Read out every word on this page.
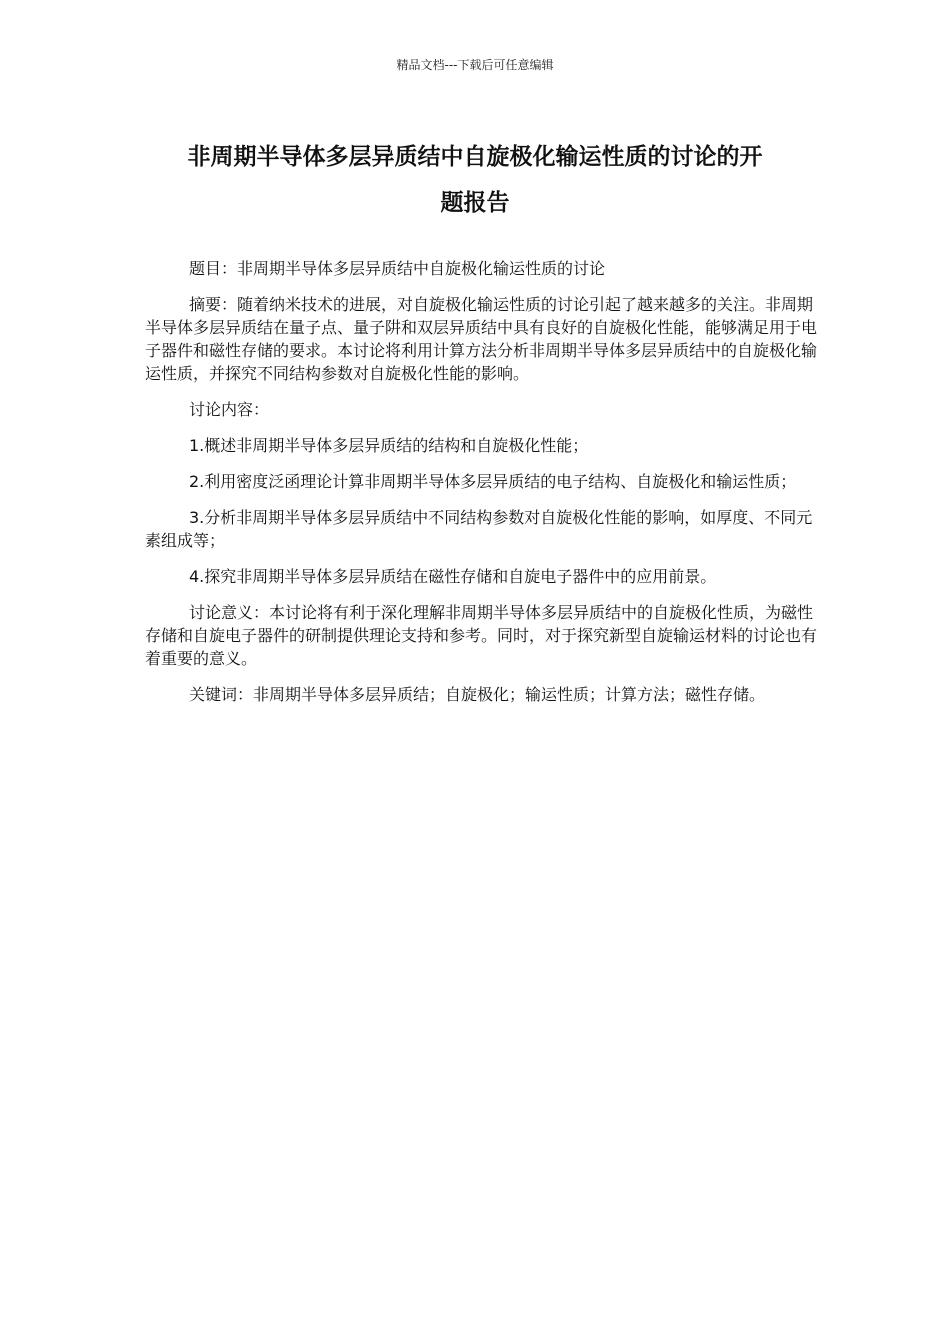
精品文档---下载后可任意编辑
非周期半导体多层异质结中自旋极化输运性质的讨论的开
题报告

题目：非周期半导体多层异质结中自旋极化输运性质的讨论

摘要：随着纳米技术的进展，对自旋极化输运性质的讨论引起了越来越多的关注。非周期半导体多层异质结在量子点、量子阱和双层异质结中具有良好的自旋极化性能，能够满足用于电子器件和磁性存储的要求。本讨论将利用计算方法分析非周期半导体多层异质结中的自旋极化输运性质，并探究不同结构参数对自旋极化性能的影响。

讨论内容：

1.概述非周期半导体多层异质结的结构和自旋极化性能；

2.利用密度泛函理论计算非周期半导体多层异质结的电子结构、自旋极化和输运性质；

3.分析非周期半导体多层异质结中不同结构参数对自旋极化性能的影响，如厚度、不同元素组成等；

4.探究非周期半导体多层异质结在磁性存储和自旋电子器件中的应用前景。

讨论意义：本讨论将有利于深化理解非周期半导体多层异质结中的自旋极化性质，为磁性存储和自旋电子器件的研制提供理论支持和参考。同时，对于探究新型自旋输运材料的讨论也有着重要的意义。

关键词：非周期半导体多层异质结；自旋极化；输运性质；计算方法；磁性存储。
